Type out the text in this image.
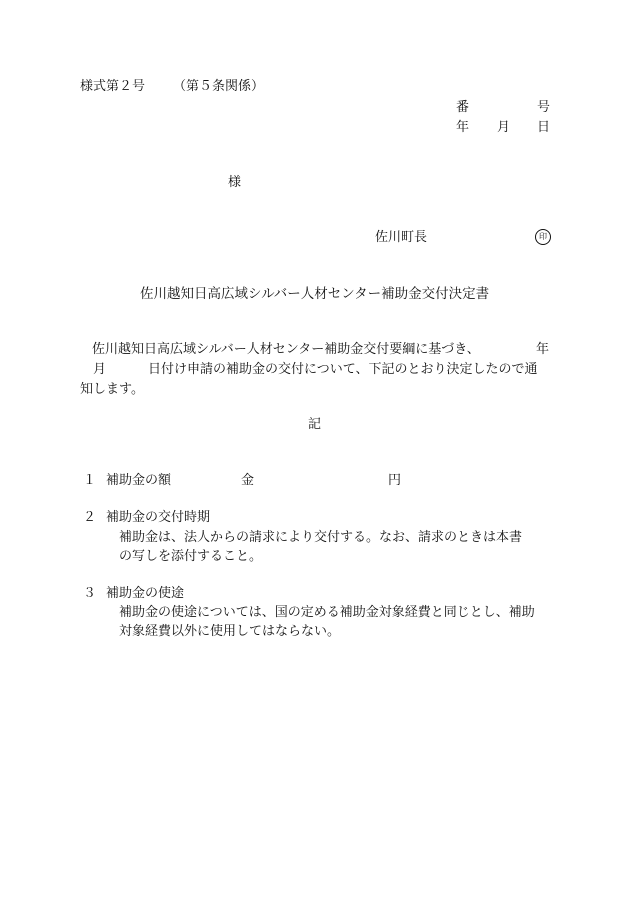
様式第２号 （第５条関係）
番	号
年 月 日
様
佐川町長	印
佐川越知日高広域シルバー人材センター補助金交付決定書
佐川越知日高広域シルバー人材センター補助金交付要綱に基づき、	年
月	日付け申請の補助金の交付について、下記のとおり決定したので通
知します。
記
１ 補助金の額	金	円
２ 補助金の交付時期
補助金は、法人からの請求により交付する。なお、請求のときは本書
の写しを添付すること。
３ 補助金の使途
補助金の使途については、国の定める補助金対象経費と同じとし、補助
対象経費以外に使用してはならない。
